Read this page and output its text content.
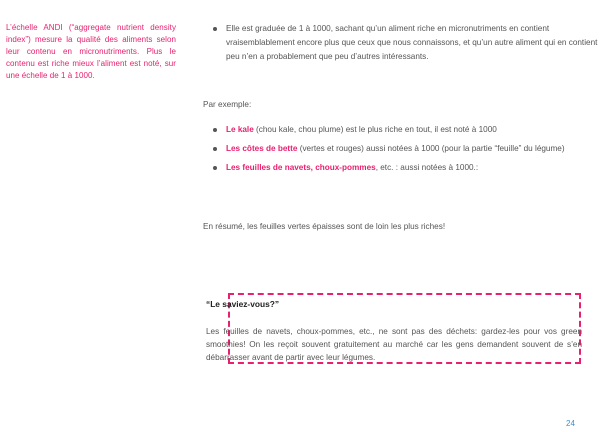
L’échelle ANDI (“aggregate nutrient density index”) mesure la qualité des aliments selon leur contenu en micronutriments. Plus le contenu est riche mieux l’aliment est noté, sur une échelle de 1 à 1000.

Elle est graduée de 1 à 1000, sachant qu’un aliment riche en micronutriments en contient vraisemblablement encore plus que ceux que nous connaissons, et qu’un autre aliment qui en contient peu n’en a probablement que peu d’autres intéressants.

Par exemple:

Le kale (chou kale, chou plume) est le plus riche en tout, il est noté à 1000

Les côtes de bette (vertes et rouges) aussi notées à 1000 (pour la partie “feuille” du légume)

Les feuilles de navets, choux-pommes, etc. : aussi notées à 1000.:

En résumé, les feuilles vertes épaisses sont de loin les plus riches!
“Le saviez-vous?”
Les feuilles de navets, choux-pommes, etc., ne sont pas des déchets: gardez-les pour vos green smoothies! On les reçoit souvent gratuitement au marché car les gens demandent souvent de s’en débarrasser avant de partir avec leur légumes.
24
